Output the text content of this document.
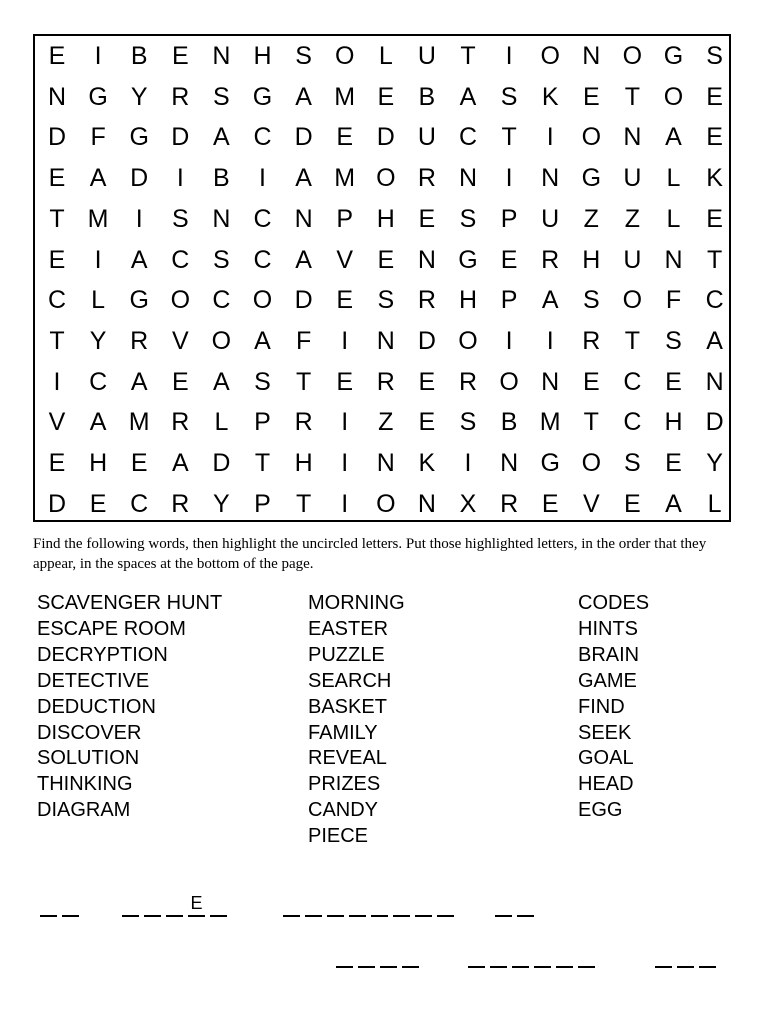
E	I	B E N H S O L	U T	I	O N O G S
N G Y R S G A M E B A S K E	T O E
D F G D A C D E D U C T	I	O N A E
E A D	I	B	I	A M O R N	I	N G U	L	K
T M	I	S N C N P H E S P U Z	Z	L	E
E	I	A C S C A V E N G E R H U N T
C	L G O C O D E S R H P A S O F C
T	Y R V O A	F	I	N D O	I	I	R T	S A
I	C A E A S	T	E R E R O N E C E N
V A M R	L	P R	I	Z	E S B M T C H D
E H E A D T H	I	N K	I	N G O S E Y
D E C R Y P	T	I	O N X R E V E A	L

Find the following words, then highlight the uncircled letters. Put those highlighted letters, in the order that they appear, in the spaces at the bottom of the page.

SCAVENGER HUNT
ESCAPE ROOM
DECRYPTION
DETECTIVE
DEDUCTION
DISCOVER
SOLUTION
THINKING
DIAGRAM
MORNING
EASTER
PUZZLE
SEARCH
BASKET
FAMILY
REVEAL
PRIZES
CANDY
PIECE
CODES
HINTS
BRAIN
GAME
FIND
SEEK
GOAL
HEAD
EGG
E
